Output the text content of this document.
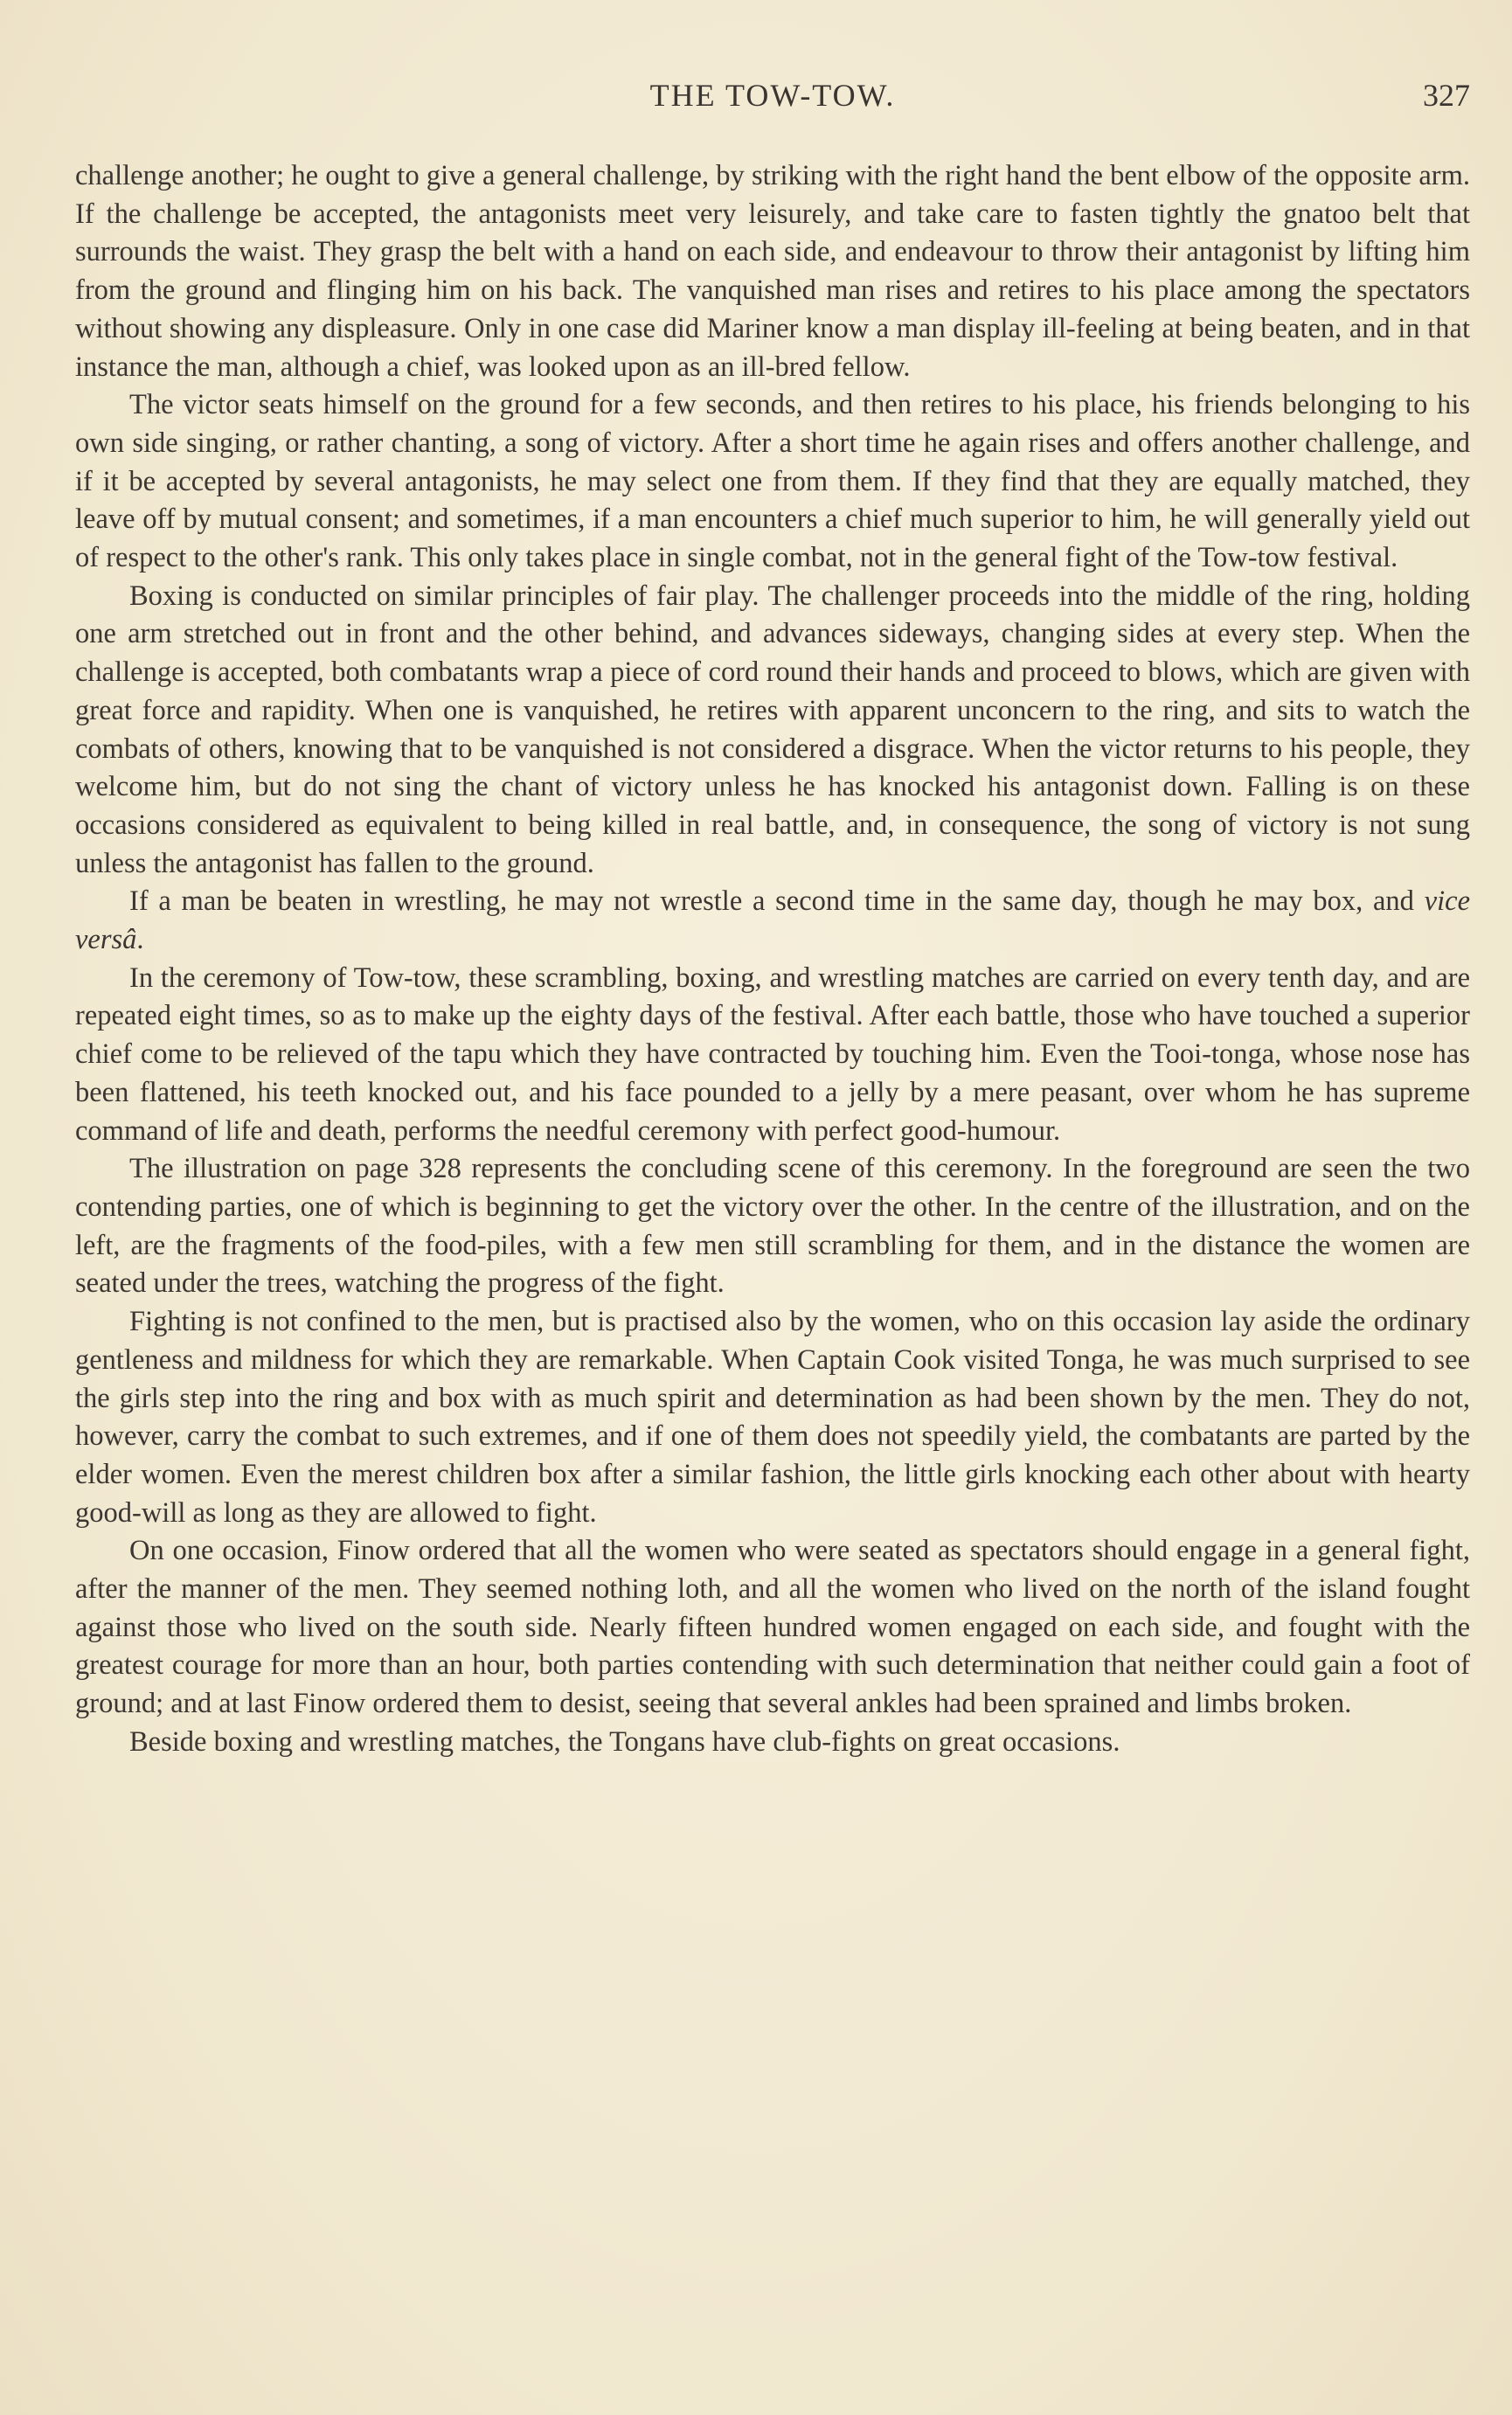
THE TOW-TOW.	327

challenge another; he ought to give a general challenge, by striking with the right hand the bent elbow of the opposite arm. If the challenge be accepted, the antagonists meet very leisurely, and take care to fasten tightly the gnatoo belt that surrounds the waist. They grasp the belt with a hand on each side, and endeavour to throw their antagonist by lifting him from the ground and flinging him on his back. The vanquished man rises and retires to his place among the spectators without showing any displeasure. Only in one case did Mariner know a man display ill-feeling at being beaten, and in that instance the man, although a chief, was looked upon as an ill-bred fellow.

The victor seats himself on the ground for a few seconds, and then retires to his place, his friends belonging to his own side singing, or rather chanting, a song of victory. After a short time he again rises and offers another challenge, and if it be accepted by several antagonists, he may select one from them. If they find that they are equally matched, they leave off by mutual consent; and sometimes, if a man encounters a chief much superior to him, he will generally yield out of respect to the other's rank. This only takes place in single combat, not in the general fight of the Tow-tow festival.

Boxing is conducted on similar principles of fair play. The challenger proceeds into the middle of the ring, holding one arm stretched out in front and the other behind, and advances sideways, changing sides at every step. When the challenge is accepted, both combatants wrap a piece of cord round their hands and proceed to blows, which are given with great force and rapidity. When one is vanquished, he retires with apparent unconcern to the ring, and sits to watch the combats of others, knowing that to be vanquished is not considered a disgrace. When the victor returns to his people, they welcome him, but do not sing the chant of victory unless he has knocked his antagonist down. Falling is on these occasions considered as equivalent to being killed in real battle, and, in consequence, the song of victory is not sung unless the antagonist has fallen to the ground.

If a man be beaten in wrestling, he may not wrestle a second time in the same day, though he may box, and vice versâ.

In the ceremony of Tow-tow, these scrambling, boxing, and wrestling matches are carried on every tenth day, and are repeated eight times, so as to make up the eighty days of the festival. After each battle, those who have touched a superior chief come to be relieved of the tapu which they have contracted by touching him. Even the Tooi-tonga, whose nose has been flattened, his teeth knocked out, and his face pounded to a jelly by a mere peasant, over whom he has supreme command of life and death, performs the needful ceremony with perfect good-humour.

The illustration on page 328 represents the concluding scene of this ceremony. In the foreground are seen the two contending parties, one of which is beginning to get the victory over the other. In the centre of the illustration, and on the left, are the fragments of the food-piles, with a few men still scrambling for them, and in the distance the women are seated under the trees, watching the progress of the fight.

Fighting is not confined to the men, but is practised also by the women, who on this occasion lay aside the ordinary gentleness and mildness for which they are remarkable. When Captain Cook visited Tonga, he was much surprised to see the girls step into the ring and box with as much spirit and determination as had been shown by the men. They do not, however, carry the combat to such extremes, and if one of them does not speedily yield, the combatants are parted by the elder women. Even the merest children box after a similar fashion, the little girls knocking each other about with hearty good-will as long as they are allowed to fight.

On one occasion, Finow ordered that all the women who were seated as spectators should engage in a general fight, after the manner of the men. They seemed nothing loth, and all the women who lived on the north of the island fought against those who lived on the south side. Nearly fifteen hundred women engaged on each side, and fought with the greatest courage for more than an hour, both parties contending with such determination that neither could gain a foot of ground; and at last Finow ordered them to desist, seeing that several ankles had been sprained and limbs broken.

Beside boxing and wrestling matches, the Tongans have club-fights on great occasions.
